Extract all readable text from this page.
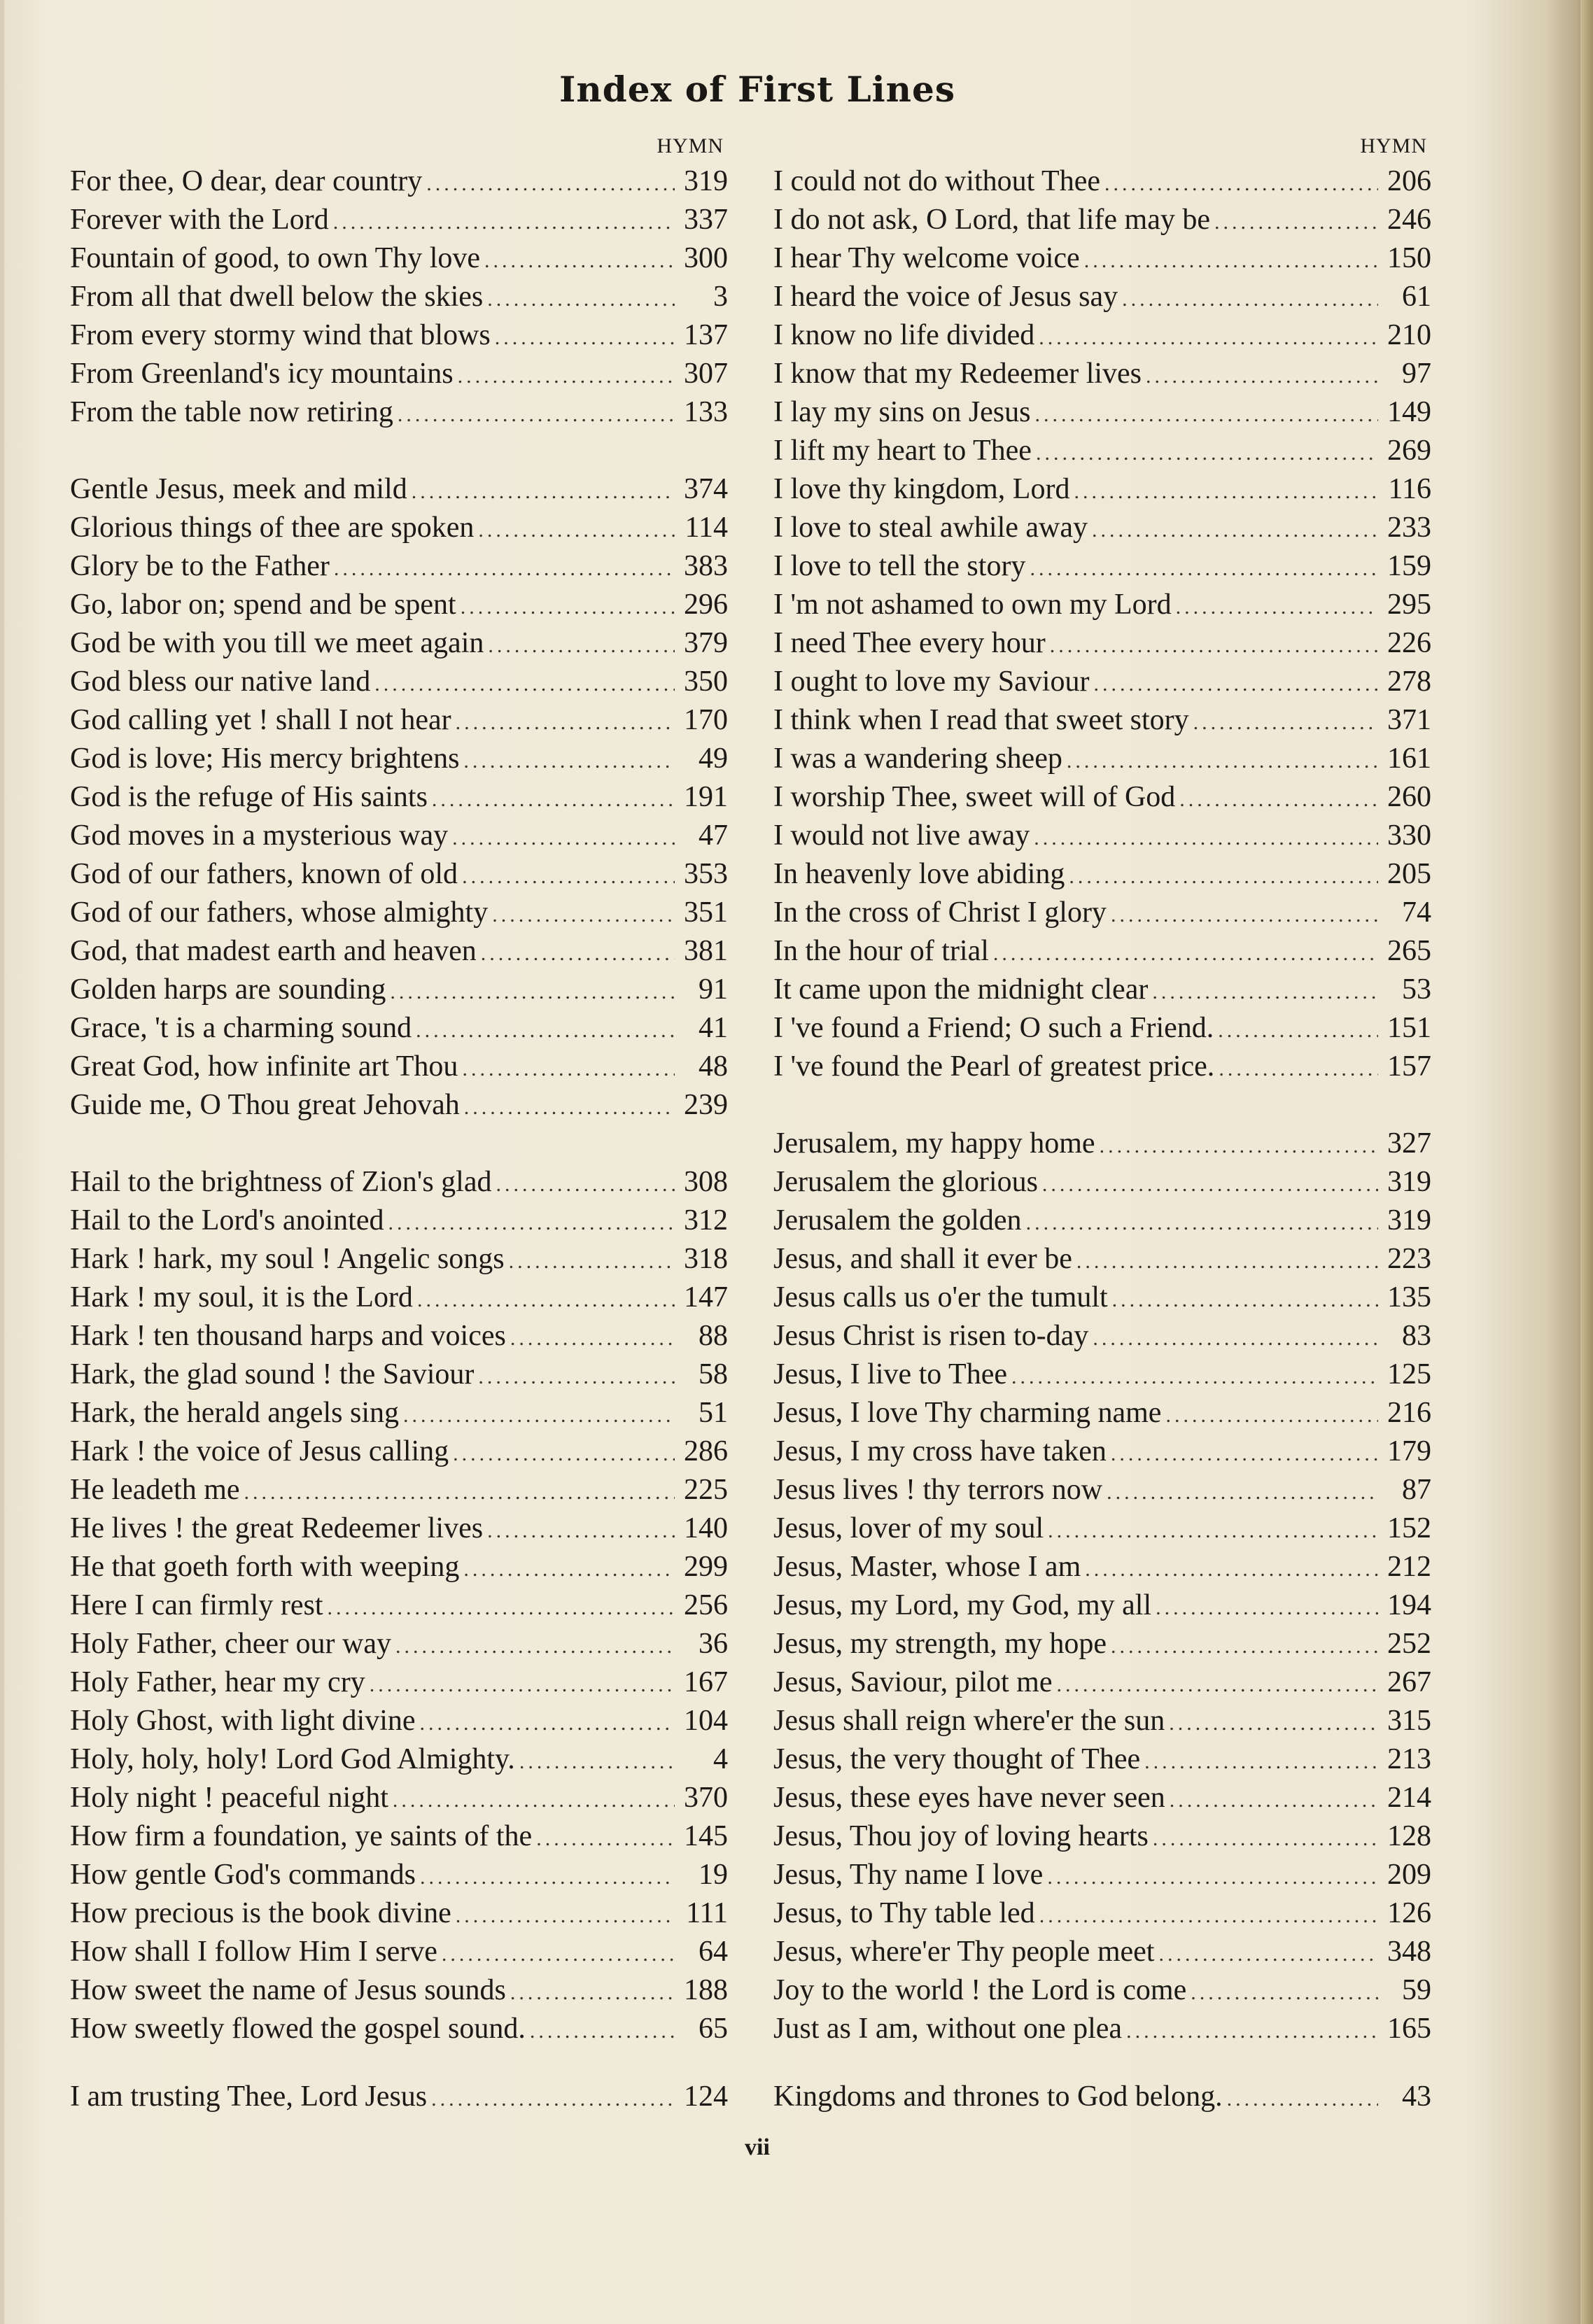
Index of First Lines
HYMN
For thee, O dear, dear country .....	319
Forever with the Lord .....	337
Fountain of good, to own Thy love .....	300
From all that dwell below the skies .....	3
From every stormy wind that blows .....	137
From Greenland's icy mountains .....	307
From the table now retiring .....	133
Gentle Jesus, meek and mild .....	374
Glorious things of thee are spoken .....	114
Glory be to the Father .....	383
Go, labor on; spend and be spent .....	296
God be with you till we meet again .....	379
God bless our native land .....	350
God calling yet ! shall I not hear .....	170
God is love; His mercy brightens .....	49
God is the refuge of His saints .....	191
God moves in a mysterious way .....	47
God of our fathers, known of old .....	353
God of our fathers, whose almighty .....	351
God, that madest earth and heaven .....	381
Golden harps are sounding .....	91
Grace, 't is a charming sound .....	41
Great God, how infinite art Thou .....	48
Guide me, O Thou great Jehovah .....	239
Hail to the brightness of Zion's glad .....	308
Hail to the Lord's anointed .....	312
Hark ! hark, my soul ! Angelic songs .....	318
Hark ! my soul, it is the Lord .....	147
Hark ! ten thousand harps and voices .....	88
Hark, the glad sound ! the Saviour .....	58
Hark, the herald angels sing .....	51
Hark ! the voice of Jesus calling .....	286
He leadeth me .....	225
He lives ! the great Redeemer lives .....	140
He that goeth forth with weeping .....	299
Here I can firmly rest .....	256
Holy Father, cheer our way .....	36
Holy Father, hear my cry .....	167
Holy Ghost, with light divine .....	104
Holy, holy, holy! Lord God Almighty. .....	4
Holy night ! peaceful night .....	370
How firm a foundation, ye saints of the .....	145
How gentle God's commands .....	19
How precious is the book divine .....	111
How shall I follow Him I serve .....	64
How sweet the name of Jesus sounds .....	188
How sweetly flowed the gospel sound. .....	65
I am trusting Thee, Lord Jesus .....	124
HYMN
I could not do without Thee .....	206
I do not ask, O Lord, that life may be .....	246
I hear Thy welcome voice .....	150
I heard the voice of Jesus say .....	61
I know no life divided .....	210
I know that my Redeemer lives .....	97
I lay my sins on Jesus .....	149
I lift my heart to Thee .....	269
I love thy kingdom, Lord .....	116
I love to steal awhile away .....	233
I love to tell the story .....	159
I 'm not ashamed to own my Lord .....	295
I need Thee every hour .....	226
I ought to love my Saviour .....	278
I think when I read that sweet story .....	371
I was a wandering sheep .....	161
I worship Thee, sweet will of God .....	260
I would not live away .....	330
In heavenly love abiding .....	205
In the cross of Christ I glory .....	74
In the hour of trial .....	265
It came upon the midnight clear .....	53
I 've found a Friend; O such a Friend. .....	151
I 've found the Pearl of greatest price. .....	157
Jerusalem, my happy home .....	327
Jerusalem the glorious .....	319
Jerusalem the golden .....	319
Jesus, and shall it ever be .....	223
Jesus calls us o'er the tumult .....	135
Jesus Christ is risen to-day .....	83
Jesus, I live to Thee .....	125
Jesus, I love Thy charming name .....	216
Jesus, I my cross have taken .....	179
Jesus lives ! thy terrors now .....	87
Jesus, lover of my soul .....	152
Jesus, Master, whose I am .....	212
Jesus, my Lord, my God, my all .....	194
Jesus, my strength, my hope .....	252
Jesus, Saviour, pilot me .....	267
Jesus shall reign where'er the sun .....	315
Jesus, the very thought of Thee .....	213
Jesus, these eyes have never seen .....	214
Jesus, Thou joy of loving hearts .....	128
Jesus, Thy name I love .....	209
Jesus, to Thy table led .....	126
Jesus, where'er Thy people meet .....	348
Joy to the world ! the Lord is come .....	59
Just as I am, without one plea .....	165
Kingdoms and thrones to God belong. .....	43
vii
